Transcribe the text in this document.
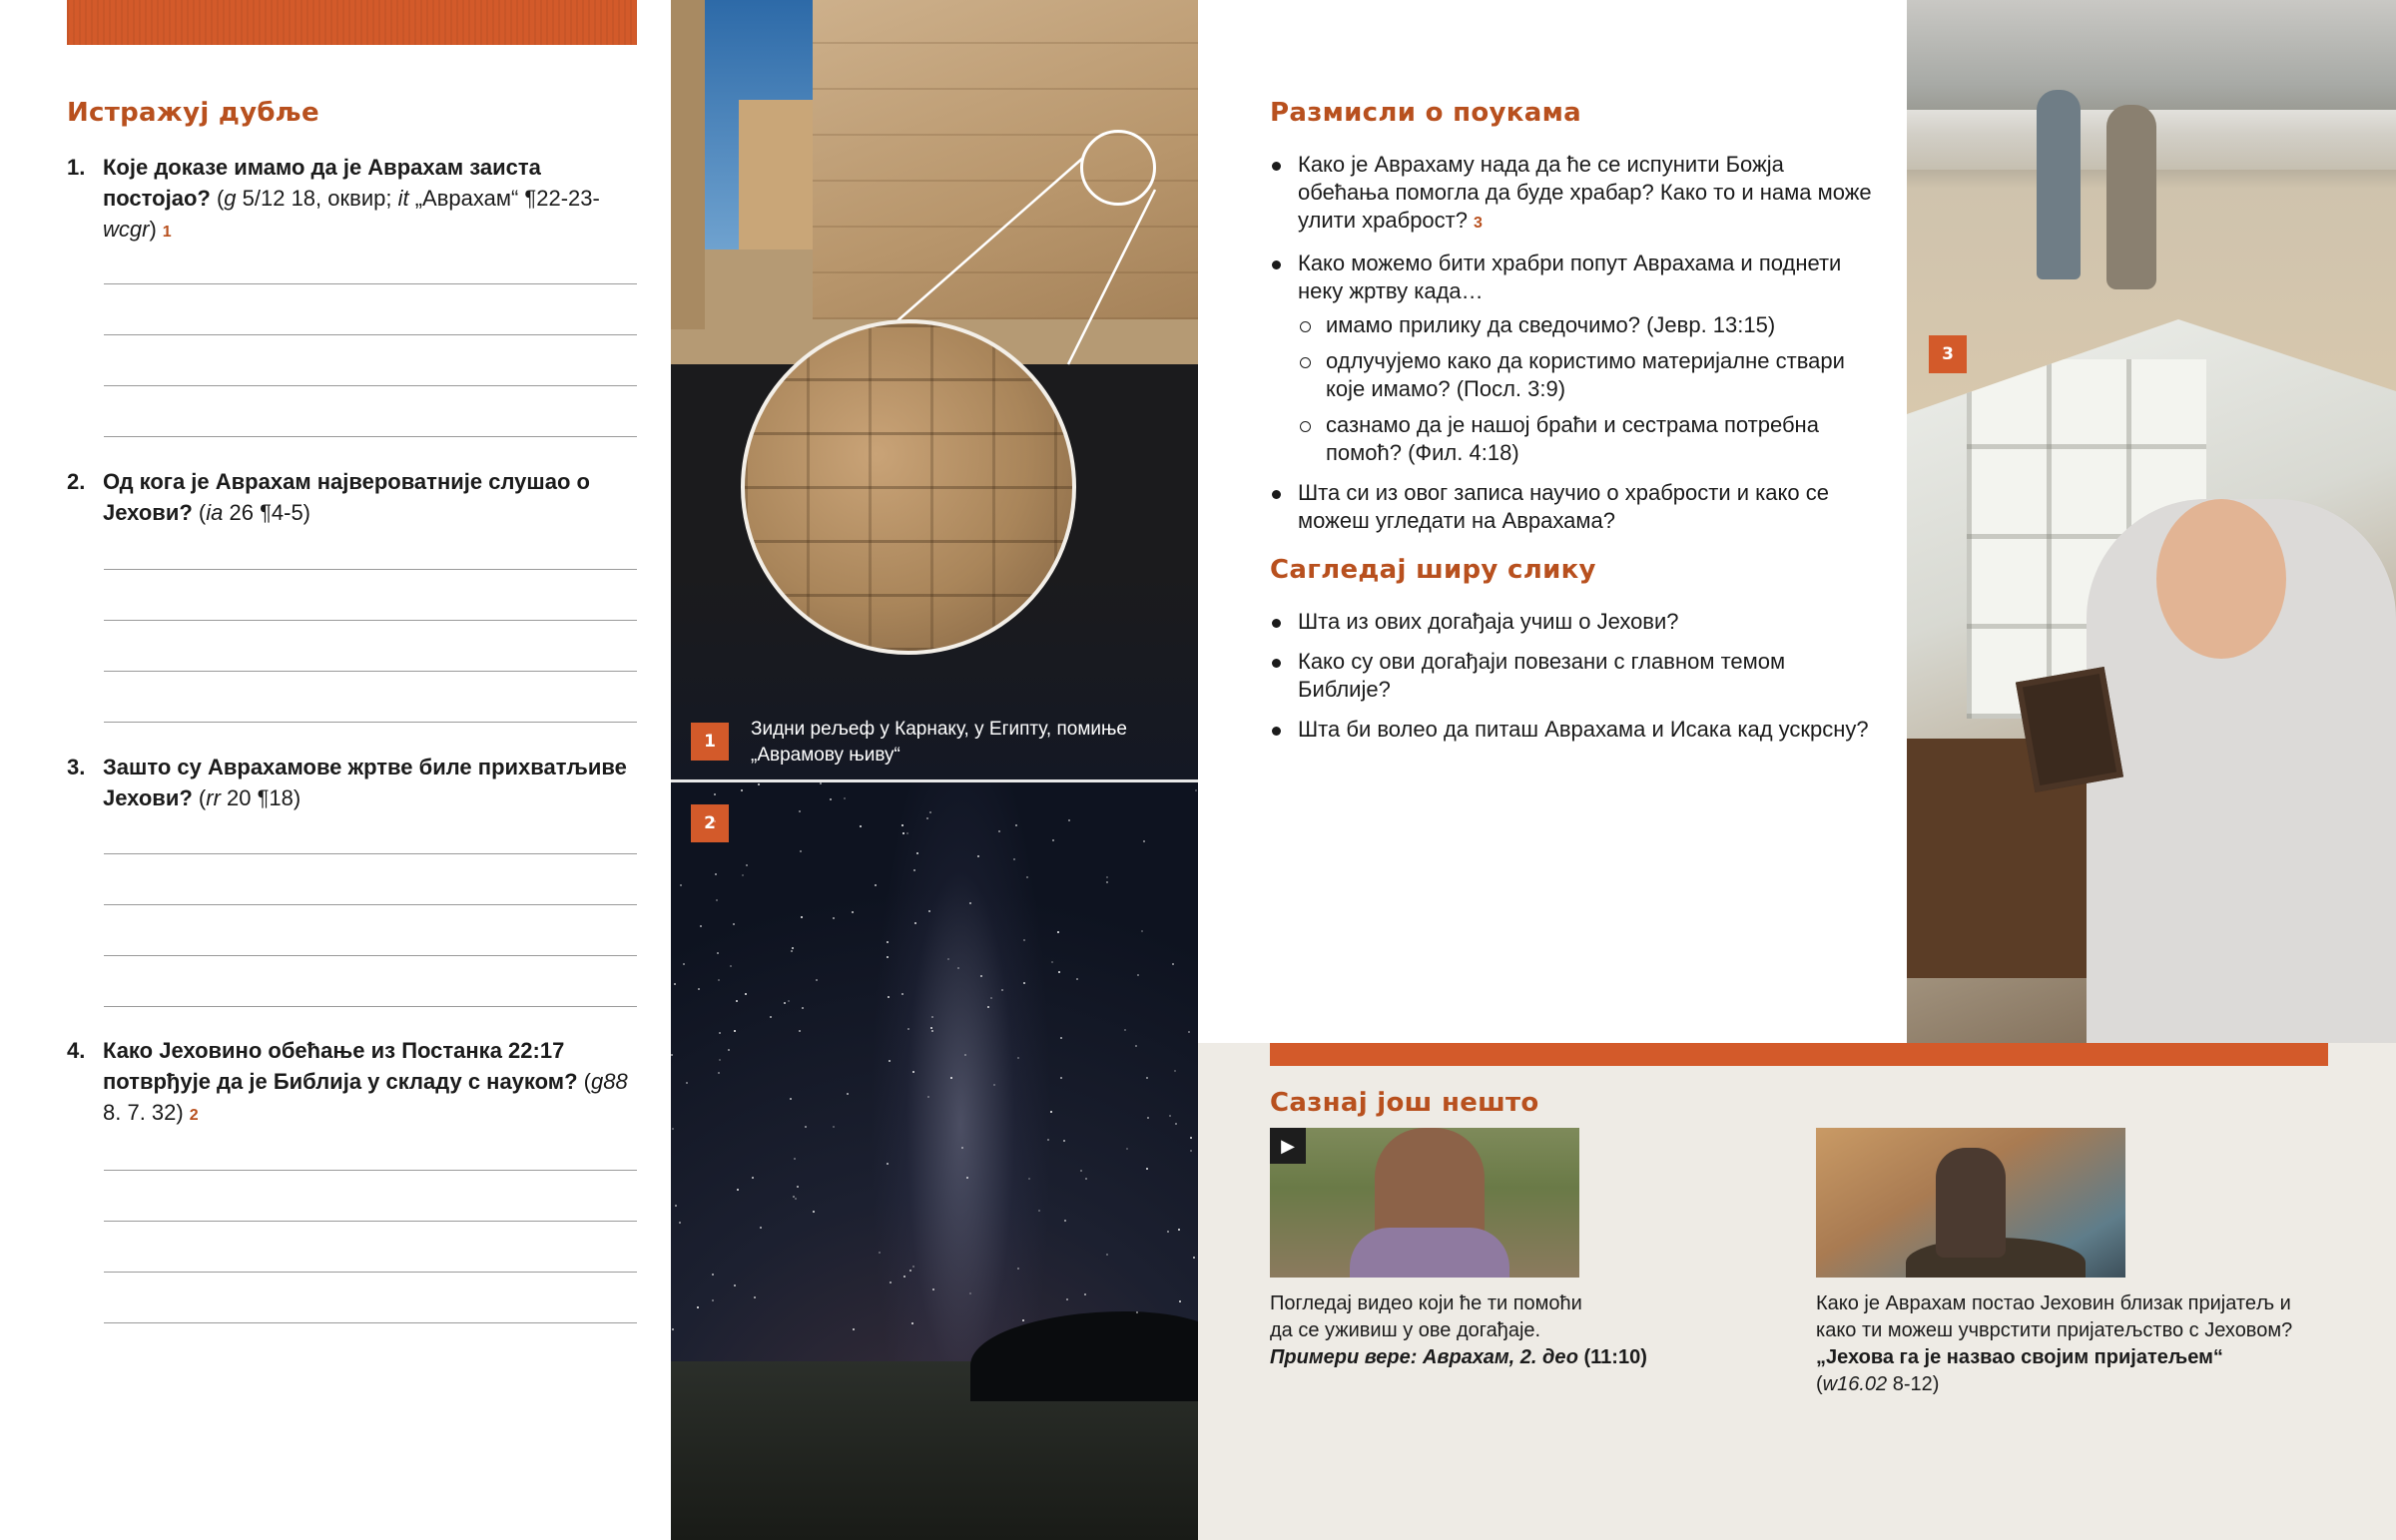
Истражуј дубље
1. Које доказе имамо да је Аврахам заиста постојао? (g 5/12 18, оквир; it „Аврахам“ ¶22-23-wcgr) 1
2. Од кога је Аврахам највероватније слушао о Јехови? (ia 26 ¶4-5)
3. Зашто су Аврахамове жртве биле прихватљиве Јехови? (rr 20 ¶18)
4. Како Јеховино обећање из Постанка 22:17 потврђује да је Библија у складу с науком? (g88 8. 7. 32) 2
1
Зидни рељеф у Карнаку, у Египту, помиње „Аврамову њиву“
2
Размисли о поукама
Како је Аврахаму нада да ће се испунити Божја обећања помогла да буде храбар? Како то и нама може улити храброст? 3
Како можемо бити храбри попут Аврахама и поднети неку жртву када…
имамо прилику да сведочимо? (Јевр. 13:15)
одлучујемо како да користимо материјалне ствари које имамо? (Посл. 3:9)
сазнамо да је нашој браћи и сестрама потребна помоћ? (Фил. 4:18)
Шта си из овог записа научио о храбрости и како се можеш угледати на Аврахама?
Сагледај ширу слику
Шта из ових догађаја учиш о Јехови?
Како су ови догађаји повезани с главном темом Библије?
Шта би волео да питаш Аврахама и Исака кад ускрсну?
3
Сазнај још нешто
▶
Погледај видео који ће ти помоћи
да се уживиш у ове догађаје.
Примери вере: Аврахам, 2. део (11:10)
Како је Аврахам постао Јеховин близак пријатељ и
како ти можеш учврстити пријатељство с Јеховом?
„Јехова га је назвао својим пријатељем“
(w16.02 8-12)
